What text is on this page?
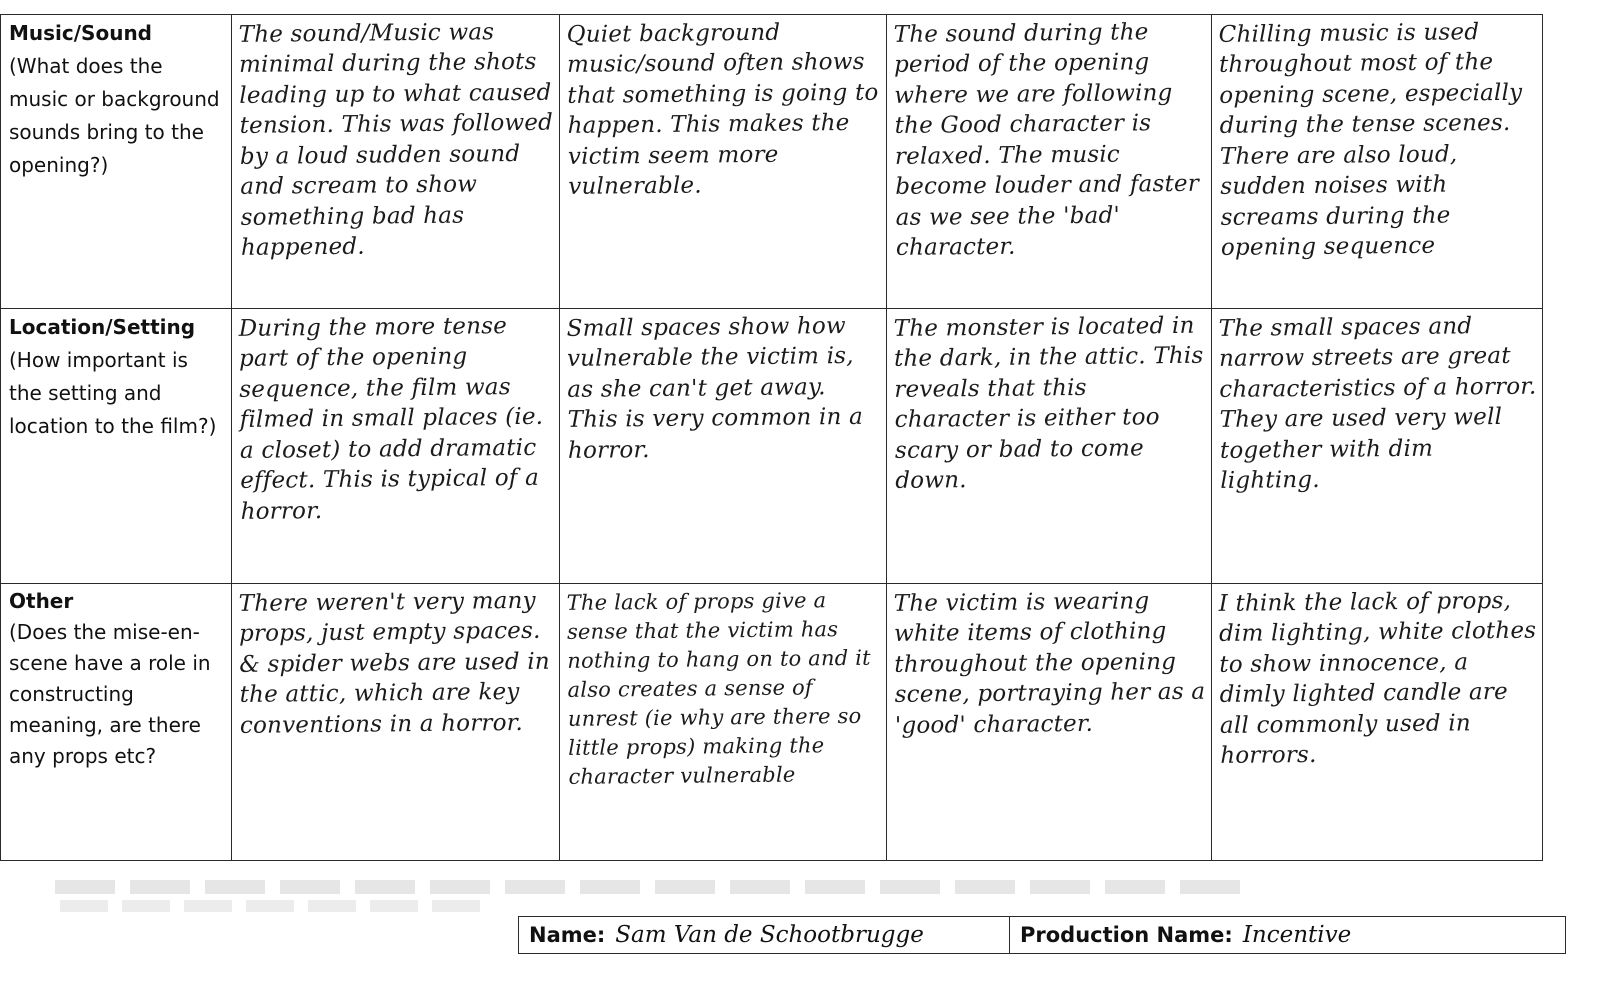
Music/Sound
(What does the music or background sounds bring to the opening?)	The sound/Music was minimal during the shots leading up to what caused tension. This was followed by a loud sudden sound and scream to show something bad has happened.	Quiet background music/sound often shows that something is going to happen. This makes the victim seem more vulnerable.	The sound during the period of the opening where we are following the Good character is relaxed. The music become louder and faster as we see the 'bad' character.	Chilling music is used throughout most of the opening scene, especially during the tense scenes. There are also loud, sudden noises with screams during the opening sequence

Location/Setting
(How important is the setting and location to the film?)	During the more tense part of the opening sequence, the film was filmed in small places (ie. a closet) to add dramatic effect. This is typical of a horror.	Small spaces show how vulnerable the victim is, as she can't get away. This is very common in a horror.	The monster is located in the dark, in the attic. This reveals that this character is either too scary or bad to come down.	The small spaces and narrow streets are great characteristics of a horror. They are used very well together with dim lighting.

Other
(Does the mise-en-scene have a role in constructing meaning, are there any props etc?	There weren't very many props, just empty spaces. & spider webs are used in the attic, which are key conventions in a horror.	The lack of props give a sense that the victim has nothing to hang on to and it also creates a sense of unrest (ie why are there so little props) making the character vulnerable	The victim is wearing white items of clothing throughout the opening scene, portraying her as a 'good' character.	I think the lack of props, dim lighting, white clothes to show innocence, a dimly lighted candle are all commonly used in horrors.
Name: Sam Van de Schootbrugge	Production Name: Incentive
